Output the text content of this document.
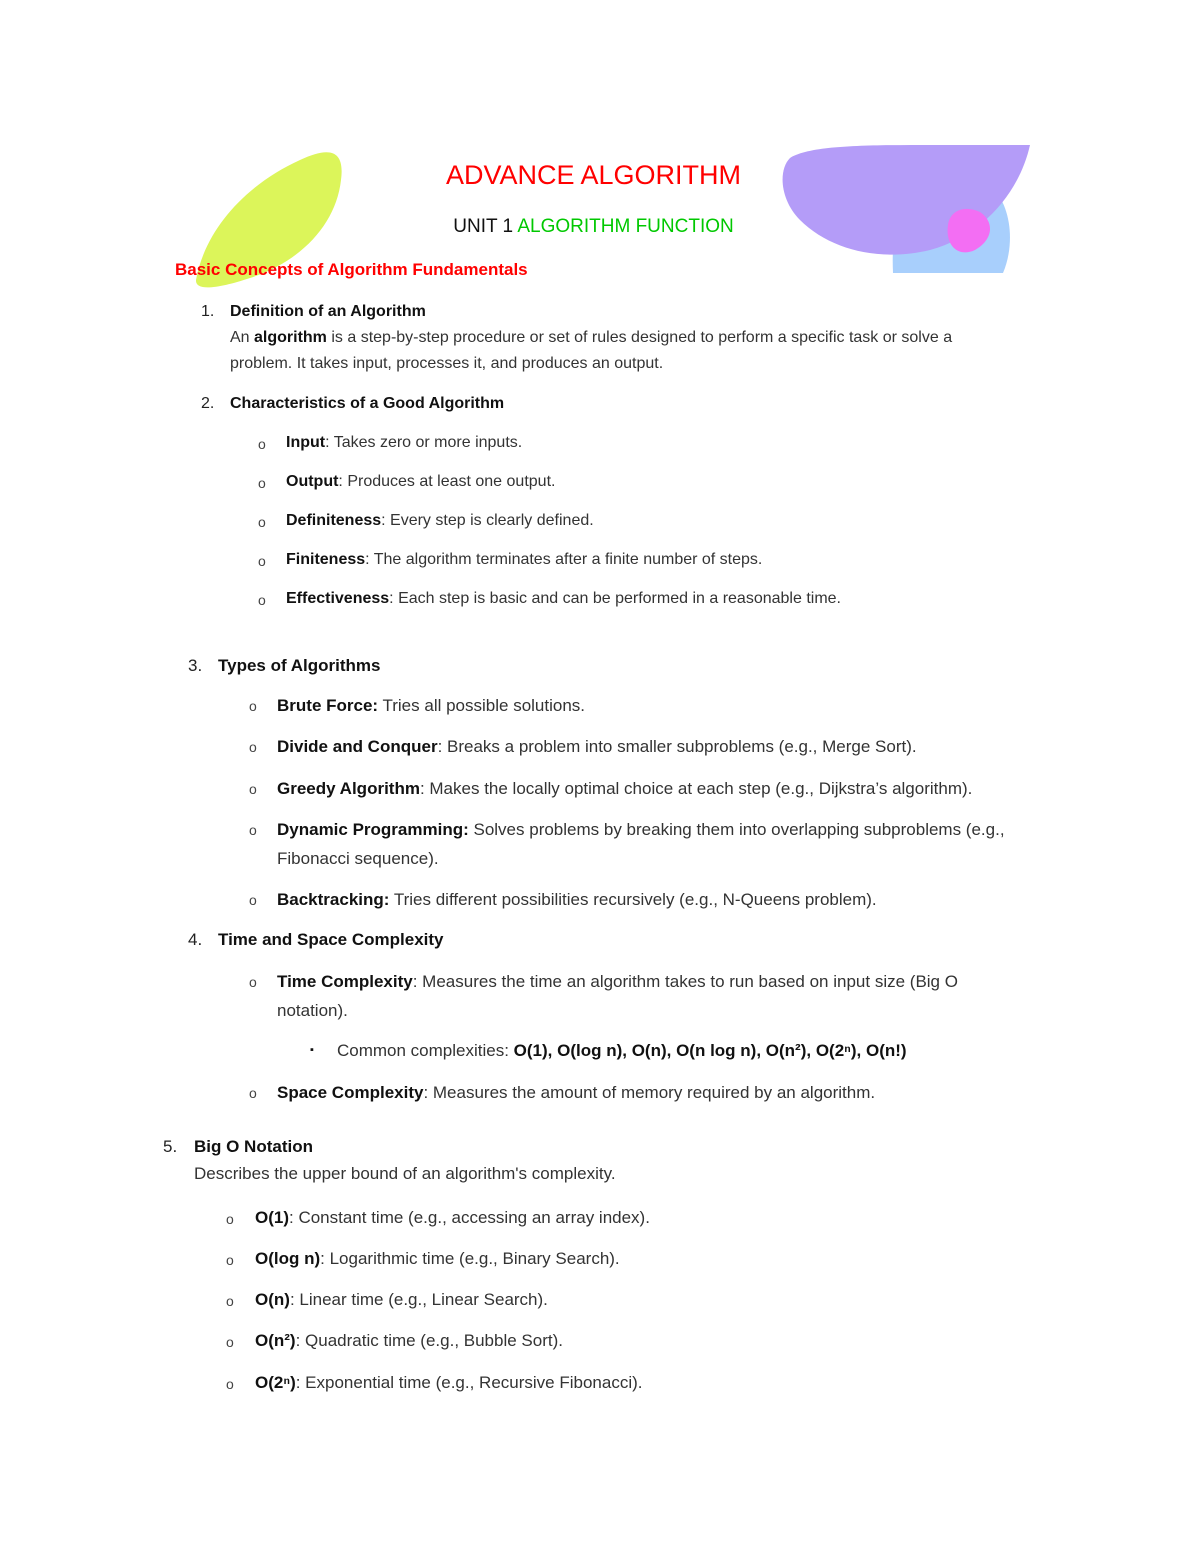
ADVANCE ALGORITHM
UNIT 1 ALGORITHM FUNCTION
Basic Concepts of Algorithm Fundamentals
1. Definition of an Algorithm
An algorithm is a step-by-step procedure or set of rules designed to perform a specific task or solve a
problem. It takes input, processes it, and produces an output.
2. Characteristics of a Good Algorithm
o Input: Takes zero or more inputs.
o Output: Produces at least one output.
o Definiteness: Every step is clearly defined.
o Finiteness: The algorithm terminates after a finite number of steps.
o Effectiveness: Each step is basic and can be performed in a reasonable time.
3. Types of Algorithms
o Brute Force: Tries all possible solutions.
o Divide and Conquer: Breaks a problem into smaller subproblems (e.g., Merge Sort).
o Greedy Algorithm: Makes the locally optimal choice at each step (e.g., Dijkstra’s algorithm).
o Dynamic Programming: Solves problems by breaking them into overlapping subproblems (e.g.,
Fibonacci sequence).
o Backtracking: Tries different possibilities recursively (e.g., N-Queens problem).
4. Time and Space Complexity
o Time Complexity: Measures the time an algorithm takes to run based on input size (Big O
notation).
▪ Common complexities: O(1), O(log n), O(n), O(n log n), O(n²), O(2ⁿ), O(n!)
o Space Complexity: Measures the amount of memory required by an algorithm.
5. Big O Notation
Describes the upper bound of an algorithm's complexity.
o O(1): Constant time (e.g., accessing an array index).
o O(log n): Logarithmic time (e.g., Binary Search).
o O(n): Linear time (e.g., Linear Search).
o O(n²): Quadratic time (e.g., Bubble Sort).
o O(2ⁿ): Exponential time (e.g., Recursive Fibonacci).
